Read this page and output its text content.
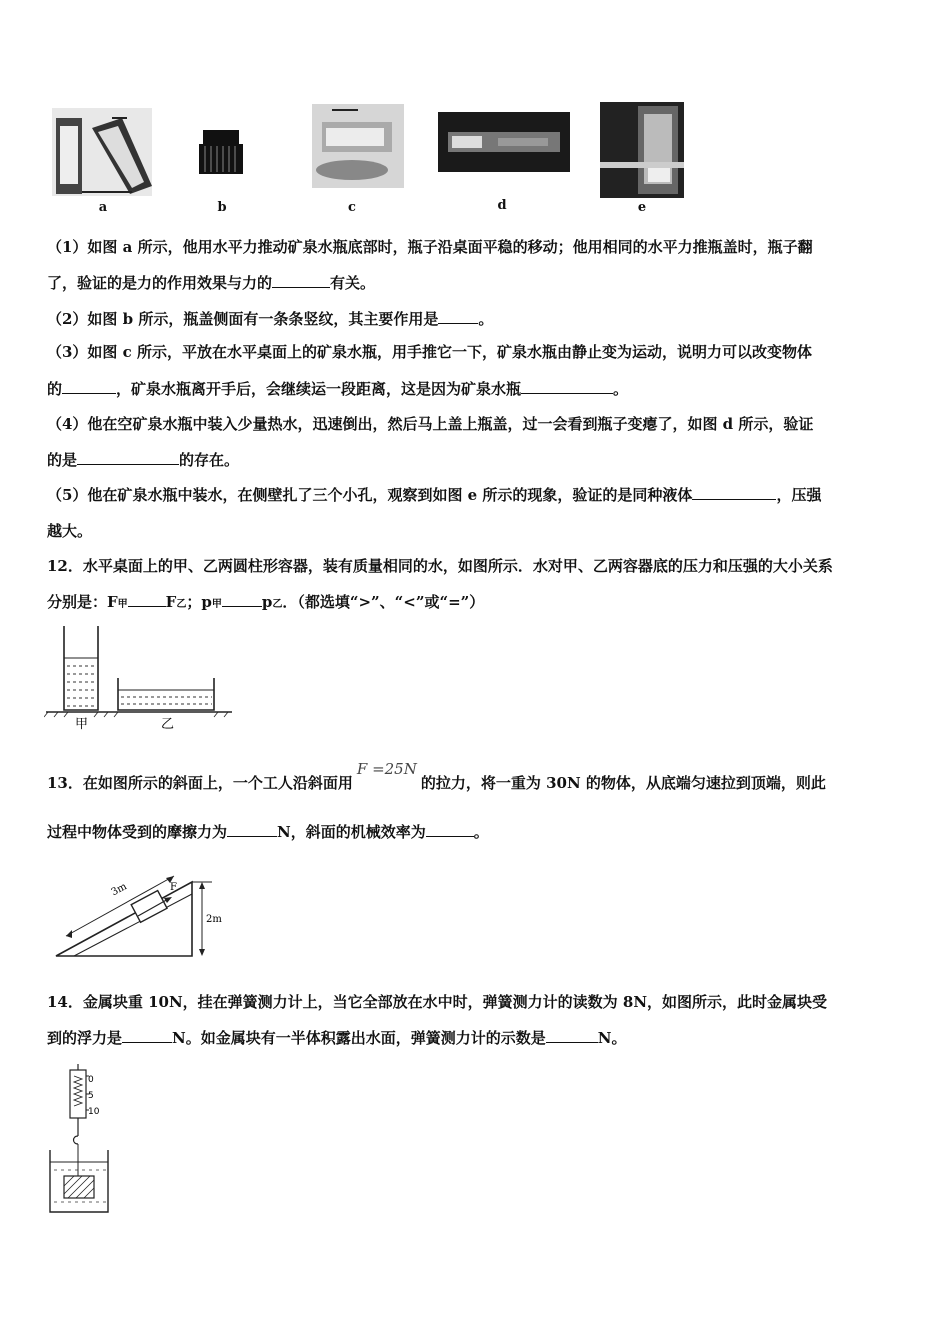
a	b	c	d	e
（1）如图 a 所示，他用水平力推动矿泉水瓶底部时，瓶子沿桌面平稳的移动；他用相同的水平力推瓶盖时，瓶子翻
了，验证的是力的作用效果与力的	有关。
（2）如图 b 所示，瓶盖侧面有一条条竖纹，其主要作用是	。
（3）如图 c 所示，平放在水平桌面上的矿泉水瓶，用手推它一下，矿泉水瓶由静止变为运动，说明力可以改变物体
的	，矿泉水瓶离开手后，会继续运一段距离，这是因为矿泉水瓶	。
（4）他在空矿泉水瓶中装入少量热水，迅速倒出，然后马上盖上瓶盖，过一会看到瓶子变瘪了，如图 d 所示，验证
的是	的存在。
（5）他在矿泉水瓶中装水，在侧壁扎了三个小孔，观察到如图 e 所示的现象，验证的是同种液体	，压强
越大。
12．水平桌面上的甲、乙两圆柱形容器，装有质量相同的水，如图所示．水对甲、乙两容器底的压力和压强的大小关系
分别是：F甲	F乙；p甲	p乙．（都选填“>”、“<”或“=”）
甲	乙
13．在如图所示的斜面上，一个工人沿斜面用F =25N的拉力，将一重为 30N 的物体，从底端匀速拉到顶端，则此
过程中物体受到的摩擦力为	N，斜面的机械效率为	。
3m	F
2m
14．金属块重 10N，挂在弹簧测力计上，当它全部放在水中时，弹簧测力计的读数为 8N，如图所示，此时金属块受
到的浮力是	N。如金属块有一半体积露出水面，弹簧测力计的示数是	N。
0
5
10
